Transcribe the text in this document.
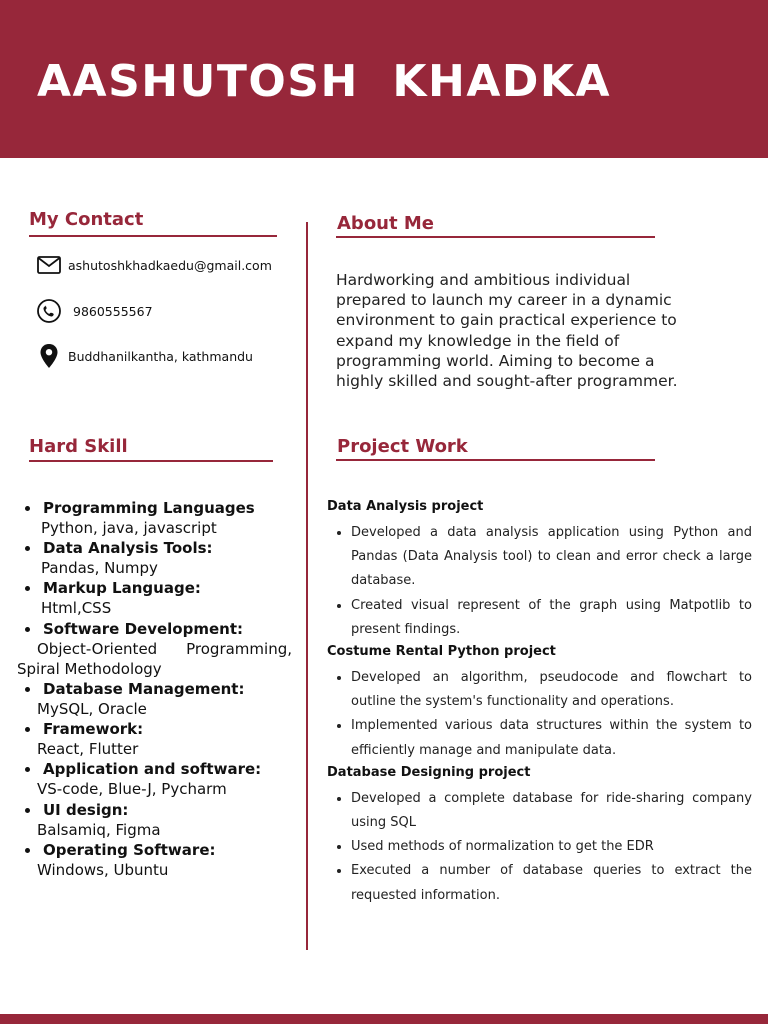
AASHUTOSH  KHADKA
My Contact
ashutoshkhadkaedu@gmail.com
9860555567
Buddhanilkantha, kathmandu
About Me

Hardworking and ambitious individual prepared to launch my career in a dynamic environment to gain practical experience to expand my knowledge in the field of programming world. Aiming to become a highly skilled and sought-after programmer.

Hard Skill
Programming Languages
Python, java, javascript
Data Analysis Tools:
Pandas, Numpy
Markup Language:
Html,CSS
Software Development:
Object-Oriented Programming, Spiral Methodology
Database Management:
MySQL, Oracle
Framework:
React, Flutter
Application and software:
VS-code, Blue-J, Pycharm
UI design:
Balsamiq, Figma
Operating Software:
Windows, Ubuntu
Project Work
Data Analysis project
Developed a data analysis application using Python and Pandas (Data Analysis tool) to clean and error check a large database.
Created visual represent of the graph using Matpotlib to present findings.
Costume Rental Python project
Developed an algorithm, pseudocode and flowchart to outline the system's functionality and operations.
Implemented various data structures within the system to efficiently manage and manipulate data.
Database Designing project
Developed a complete database for ride-sharing company using SQL
Used methods of normalization to get the EDR
Executed a number of database queries to extract the requested information.
